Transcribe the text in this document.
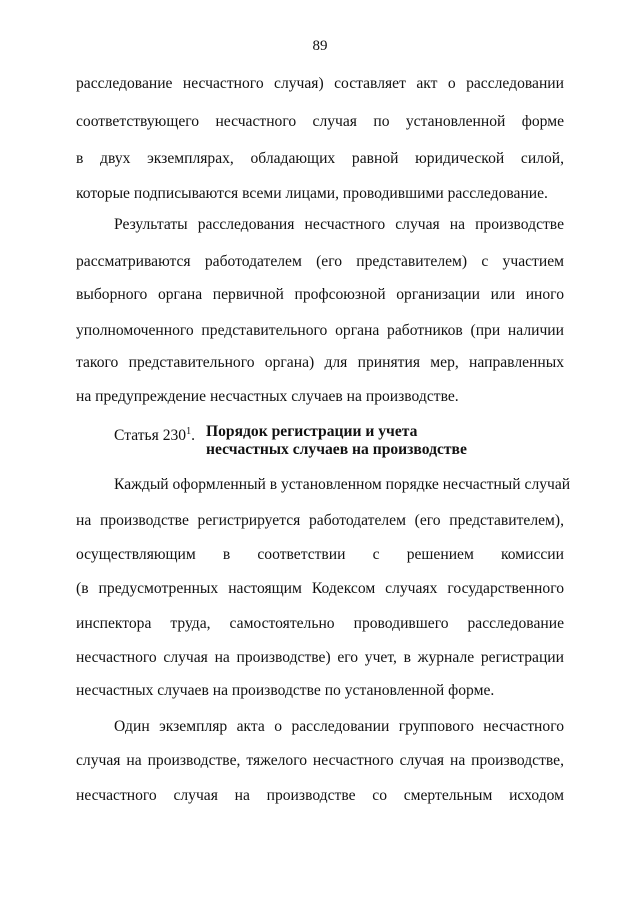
89
расследование несчастного случая) составляет акт о расследовании
соответствующего несчастного случая по установленной форме
в двух экземплярах, обладающих равной юридической силой,
которые подписываются всеми лицами, проводившими расследование.
Результаты расследования несчастного случая на производстве
рассматриваются работодателем (его представителем) с участием
выборного органа первичной профсоюзной организации или иного
уполномоченного представительного органа работников (при наличии
такого представительного органа) для принятия мер, направленных
на предупреждение несчастных случаев на производстве.
Статья $230^1$. Порядок регистрации и учета
несчастных случаев на производстве
Каждый оформленный в установленном порядке несчастный случай
на производстве регистрируется работодателем (его представителем),
осуществляющим в соответствии с решением комиссии
(в предусмотренных настоящим Кодексом случаях государственного
инспектора труда, самостоятельно проводившего расследование
несчастного случая на производстве) его учет, в журнале регистрации
несчастных случаев на производстве по установленной форме.
Один экземпляр акта о расследовании группового несчастного
случая на производстве, тяжелого несчастного случая на производстве,
несчастного случая на производстве со смертельным исходом
